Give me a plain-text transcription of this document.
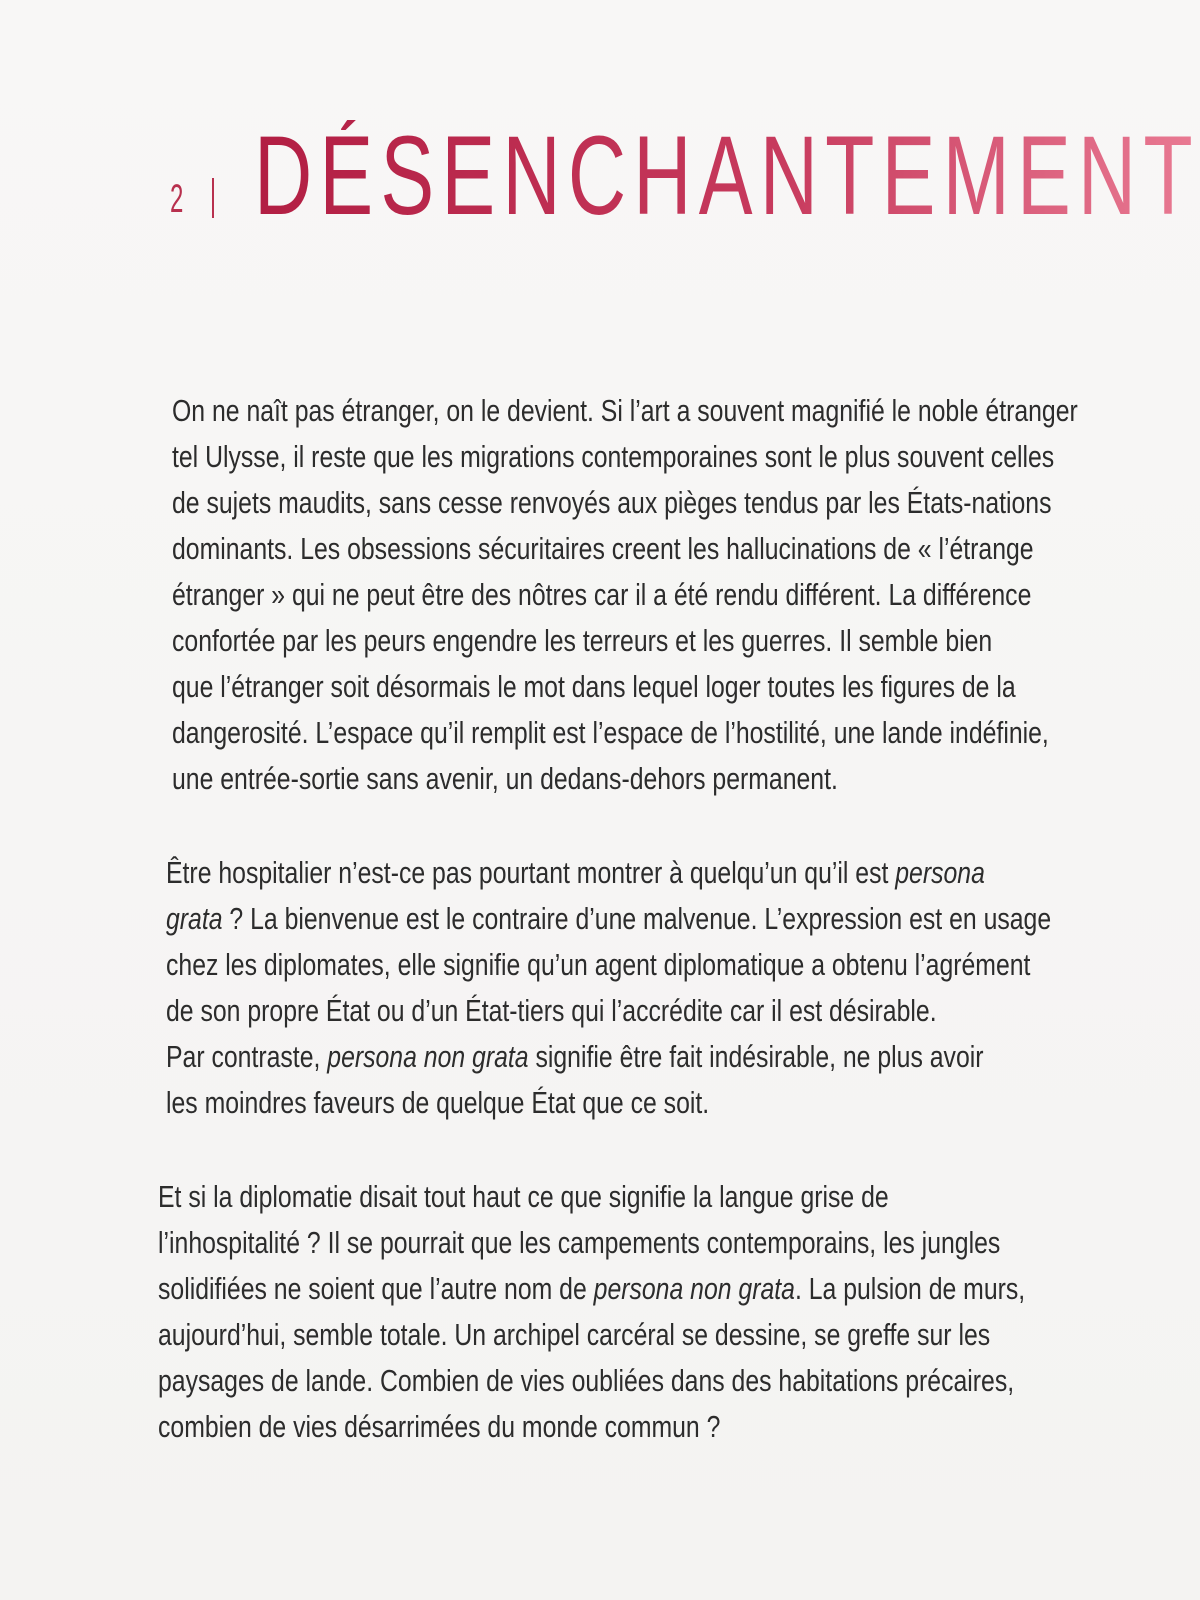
2 DÉSENCHANTEMENT
On ne naît pas étranger, on le devient. Si l’art a souvent magnifié le noble étranger
tel Ulysse, il reste que les migrations contemporaines sont le plus souvent celles
de sujets maudits, sans cesse renvoyés aux pièges tendus par les États-nations
dominants. Les obsessions sécuritaires creent les hallucinations de « l’étrange
étranger » qui ne peut être des nôtres car il a été rendu différent. La différence
confortée par les peurs engendre les terreurs et les guerres. Il semble bien
que l’étranger soit désormais le mot dans lequel loger toutes les figures de la
dangerosité. L’espace qu’il remplit est l’espace de l’hostilité, une lande indéfinie,
une entrée-sortie sans avenir, un dedans-dehors permanent.
Être hospitalier n’est-ce pas pourtant montrer à quelqu’un qu’il est persona
grata ? La bienvenue est le contraire d’une malvenue. L’expression est en usage
chez les diplomates, elle signifie qu’un agent diplomatique a obtenu l’agrément
de son propre État ou d’un État-tiers qui l’accrédite car il est désirable.
Par contraste, persona non grata signifie être fait indésirable, ne plus avoir
les moindres faveurs de quelque État que ce soit.
Et si la diplomatie disait tout haut ce que signifie la langue grise de
l’inhospitalité ? Il se pourrait que les campements contemporains, les jungles
solidifiées ne soient que l’autre nom de persona non grata. La pulsion de murs,
aujourd’hui, semble totale. Un archipel carcéral se dessine, se greffe sur les
paysages de lande. Combien de vies oubliées dans des habitations précaires,
combien de vies désarrimées du monde commun ?
